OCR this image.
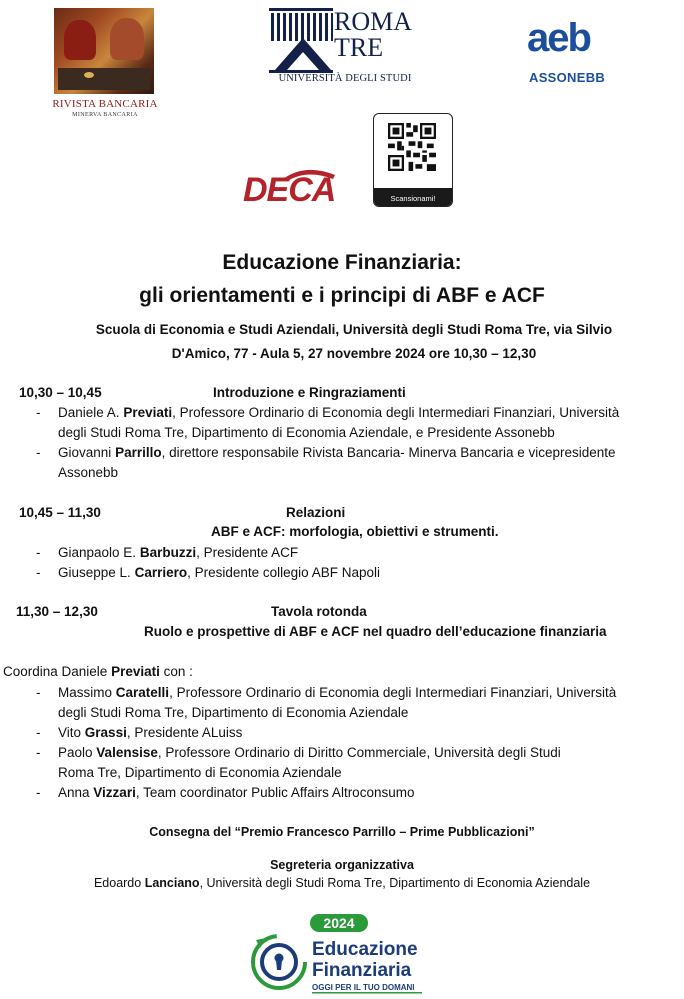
RIVISTA BANCARIA
MINERVA BANCARIA
ROMA
TRE
UNIVERSITÀ DEGLI STUDI
aeb
ASSONEBB
DECA	Scansionami!
Educazione Finanziaria:
gli orientamenti e i principi di ABF e ACF
Scuola di Economia e Studi Aziendali, Università degli Studi Roma Tre, via Silvio
D'Amico, 77 - Aula 5, 27 novembre 2024 ore 10,30 – 12,30
10,30 – 10,45	Introduzione e Ringraziamenti
- Daniele A. Previati, Professore Ordinario di Economia degli Intermediari Finanziari, Università
degli Studi Roma Tre, Dipartimento di Economia Aziendale, e Presidente Assonebb
- Giovanni Parrillo, direttore responsabile Rivista Bancaria- Minerva Bancaria e vicepresidente
Assonebb
10,45 – 11,30	Relazioni
ABF e ACF: morfologia, obiettivi e strumenti.
- Gianpaolo E. Barbuzzi, Presidente ACF
- Giuseppe L. Carriero, Presidente collegio ABF Napoli
11,30 – 12,30	Tavola rotonda
Ruolo e prospettive di ABF e ACF nel quadro dell’educazione finanziaria
Coordina Daniele Previati con :
- Massimo Caratelli, Professore Ordinario di Economia degli Intermediari Finanziari, Università
degli Studi Roma Tre, Dipartimento di Economia Aziendale
- Vito Grassi, Presidente ALuiss
- Paolo Valensise, Professore Ordinario di Diritto Commerciale, Università degli Studi
Roma Tre, Dipartimento di Economia Aziendale
- Anna Vizzari, Team coordinator Public Affairs Altroconsumo
Consegna del “Premio Francesco Parrillo – Prime Pubblicazioni”
Segreteria organizzativa
Edoardo Lanciano, Università degli Studi Roma Tre, Dipartimento di Economia Aziendale
2024
Educazione
Finanziaria
OGGI PER IL TUO DOMANI
